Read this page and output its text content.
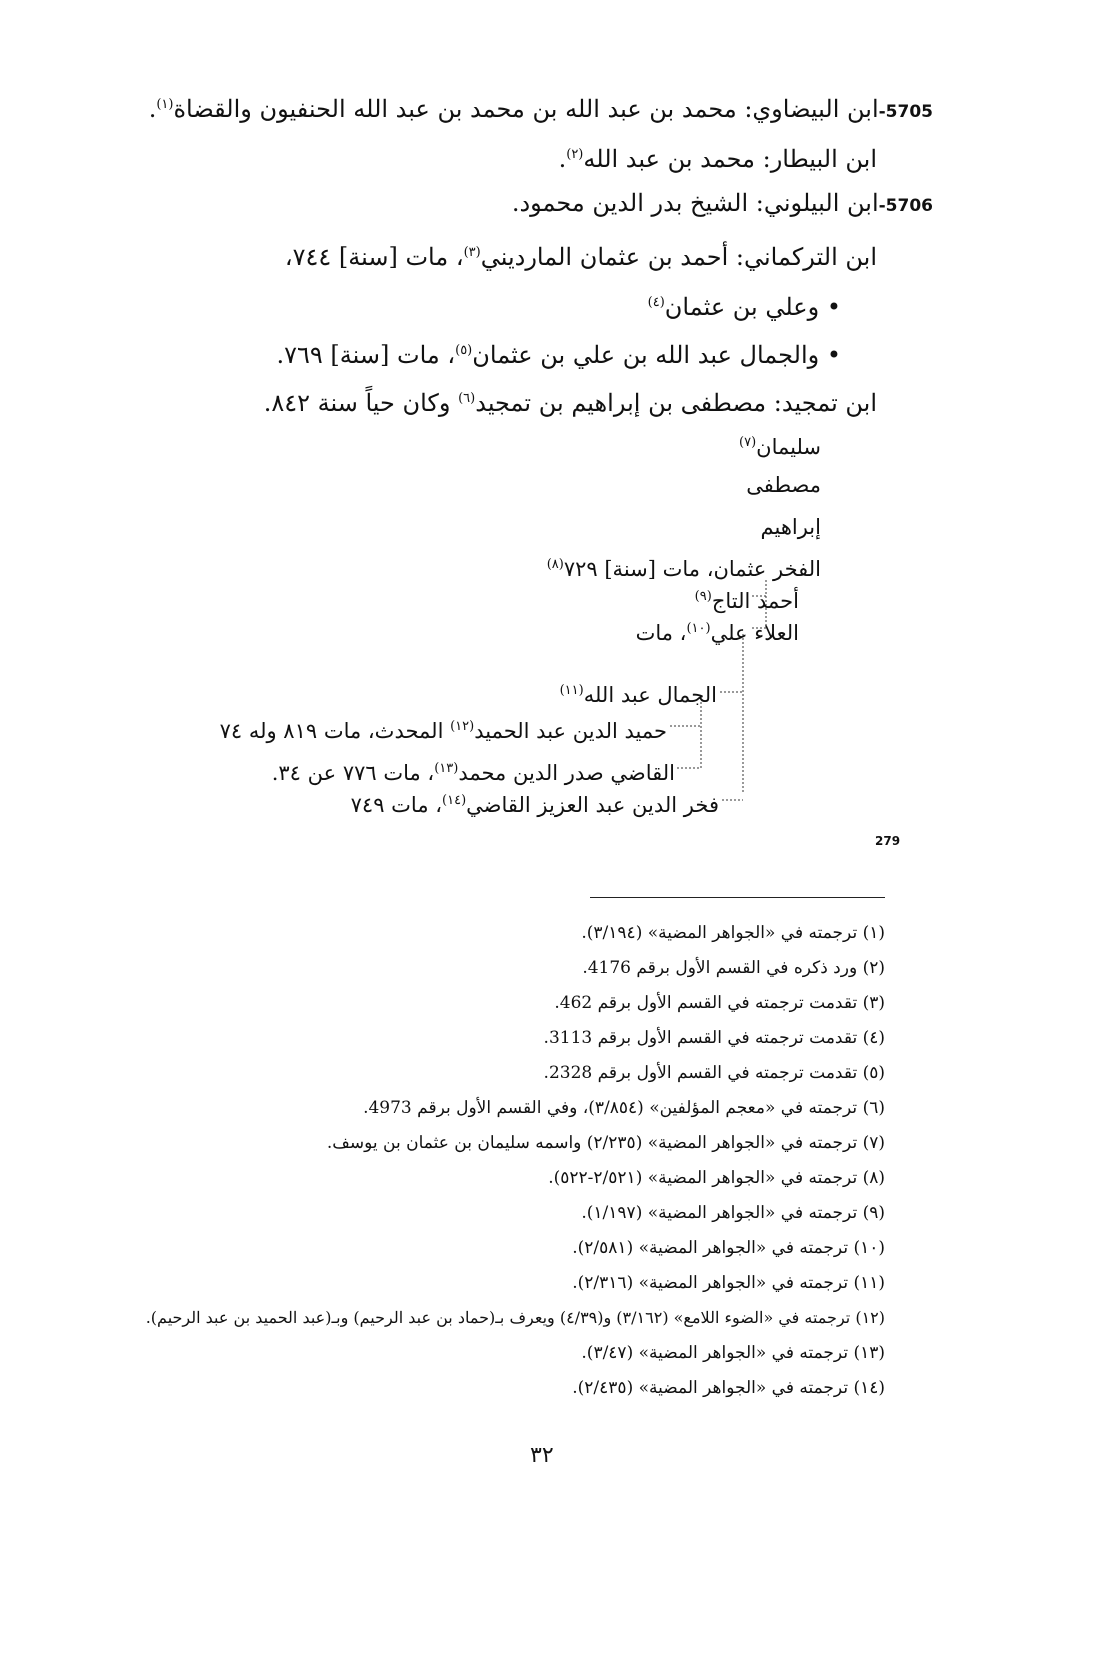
5705-ابن البيضاوي: محمد بن عبد الله بن محمد بن عبد الله الحنفيون والقضاة$^{(١)}$.
ابن البيطار: محمد بن عبد الله$^{(٢)}$.
5706-ابن البيلوني: الشيخ بدر الدين محمود.
ابن التركماني: أحمد بن عثمان المارديني$^{(٣)}$، مات [سنة] ٧٤٤،
• وعلي بن عثمان$^{(٤)}$
• والجمال عبد الله بن علي بن عثمان$^{(٥)}$، مات [سنة] ٧٦٩.
ابن تمجيد: مصطفى بن إبراهيم بن تمجيد$^{(٦)}$ وكان حياً سنة ٨٤٢.
سليمان$^{(٧)}$
مصطفى
إبراهيم
الفخر عثمان، مات [سنة] ٧٢٩$^{(٨)}$
أحمد التاج$^{(٩)}$
العلاء علي$^{(١٠)}$، مات
الجمال عبد الله$^{(١١)}$
حميد الدين عبد الحميد$^{(١٢)}$ المحدث، مات ٨١٩ وله ٧٤
القاضي صدر الدين محمد$^{(١٣)}$، مات ٧٧٦ عن ٣٤.
فخر الدين عبد العزيز القاضي$^{(١٤)}$، مات ٧٤٩
279
(١) ترجمته في «الجواهر المضية» (٣/١٩٤).
(٢) ورد ذكره في القسم الأول برقم 4176.
(٣) تقدمت ترجمته في القسم الأول برقم 462.
(٤) تقدمت ترجمته في القسم الأول برقم 3113.
(٥) تقدمت ترجمته في القسم الأول برقم 2328.
(٦) ترجمته في «معجم المؤلفين» (٣/٨٥٤)، وفي القسم الأول برقم 4973.
(٧) ترجمته في «الجواهر المضية» (٢/٢٣٥) واسمه سليمان بن عثمان بن يوسف.
(٨) ترجمته في «الجواهر المضية» (٢/٥٢١-٥٢٢).
(٩) ترجمته في «الجواهر المضية» (١/١٩٧).
(١٠) ترجمته في «الجواهر المضية» (٢/٥٨١).
(١١) ترجمته في «الجواهر المضية» (٢/٣١٦).
(١٢) ترجمته في «الضوء اللامع» (٣/١٦٢) و(٤/٣٩) ويعرف بـ(حماد بن عبد الرحيم) وبـ(عبد الحميد بن عبد الرحيم).
(١٣) ترجمته في «الجواهر المضية» (٣/٤٧).
(١٤) ترجمته في «الجواهر المضية» (٢/٤٣٥).
٣٢
